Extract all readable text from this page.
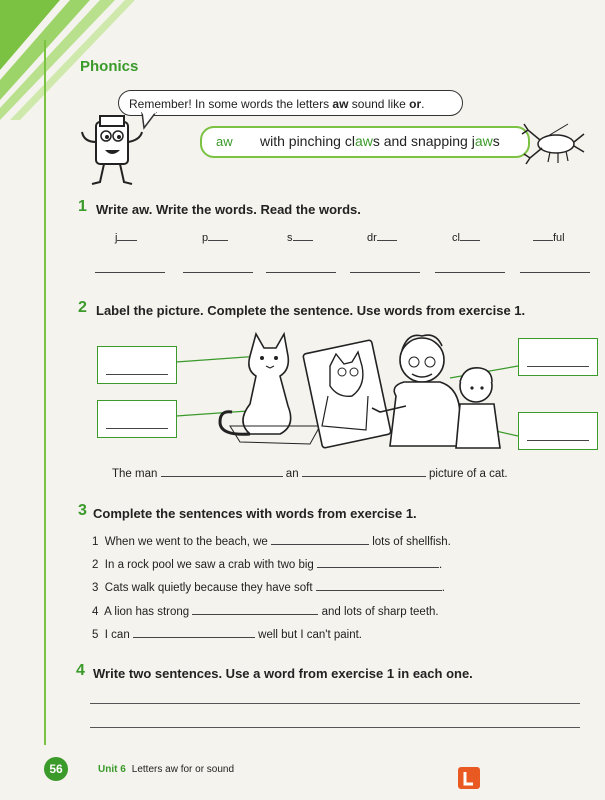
Phonics
Remember! In some words the letters aw sound like or.
aw with pinching claws and snapping jaws
1 Write aw. Write the words. Read the words.
j	p	s	dr	cl	ful
2 Label the picture. Complete the sentence. Use words from exercise 1.
The man	an	picture of a cat.
3 Complete the sentences with words from exercise 1.
1 When we went to the beach, we	lots of shellfish.
2 In a rock pool we saw a crab with two big	.
3 Cats walk quietly because they have soft	.
4 A lion has strong	and lots of sharp teeth.
5 I can	well but I can't paint.
4 Write two sentences. Use a word from exercise 1 in each one.
56	Unit 6 Letters aw for or sound
